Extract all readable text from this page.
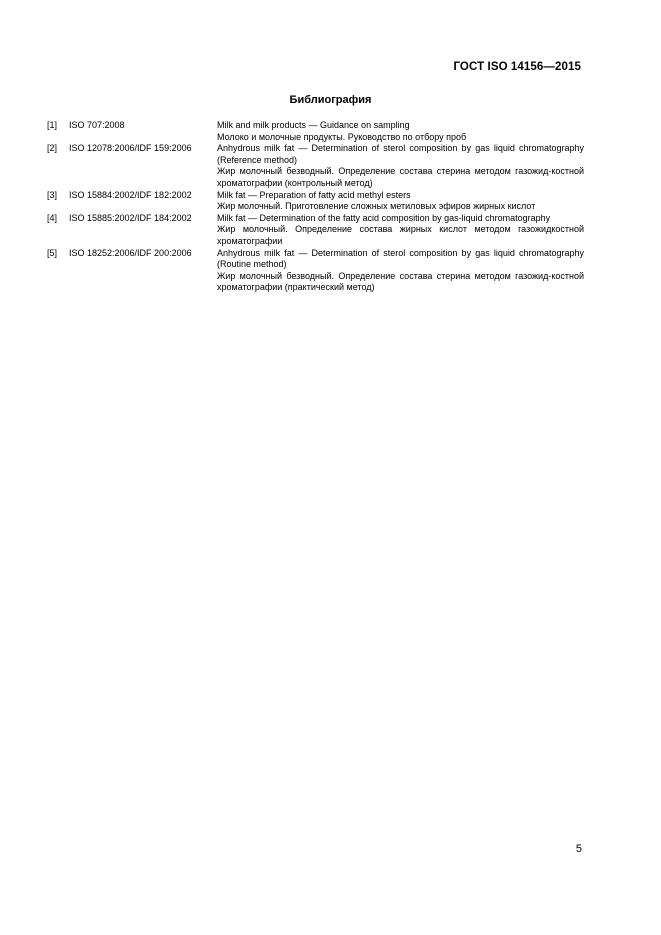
ГОСТ ISO 14156—2015
Библиография
[1]	ISO 707:2008	Milk and milk products — Guidance on sampling

Молоко и молочные продукты. Руководство по отбору проб

[2]	ISO 12078:2006/IDF 159:2006	Anhydrous milk fat — Determination of sterol composition by gas liquid chromatography (Reference method)

Жир молочный безводный. Определение состава стерина методом газожид-костной хроматографии (контрольный метод)

[3]	ISO 15884:2002/IDF 182:2002	Milk fat — Preparation of fatty acid methyl esters

Жир молочный. Приготовление сложных метиловых эфиров жирных кислот

[4]	ISO 15885:2002/IDF 184:2002	Milk fat — Determination of the fatty acid composition by gas-liquid chromatography

Жир молочный. Определение состава жирных кислот методом газожидкостной хроматографии

[5]	ISO 18252:2006/IDF 200:2006	Anhydrous milk fat — Determination of sterol composition by gas liquid chromatography (Routine method)

Жир молочный безводный. Определение состава стерина методом газожид-костной хроматографии (практический метод)

5
